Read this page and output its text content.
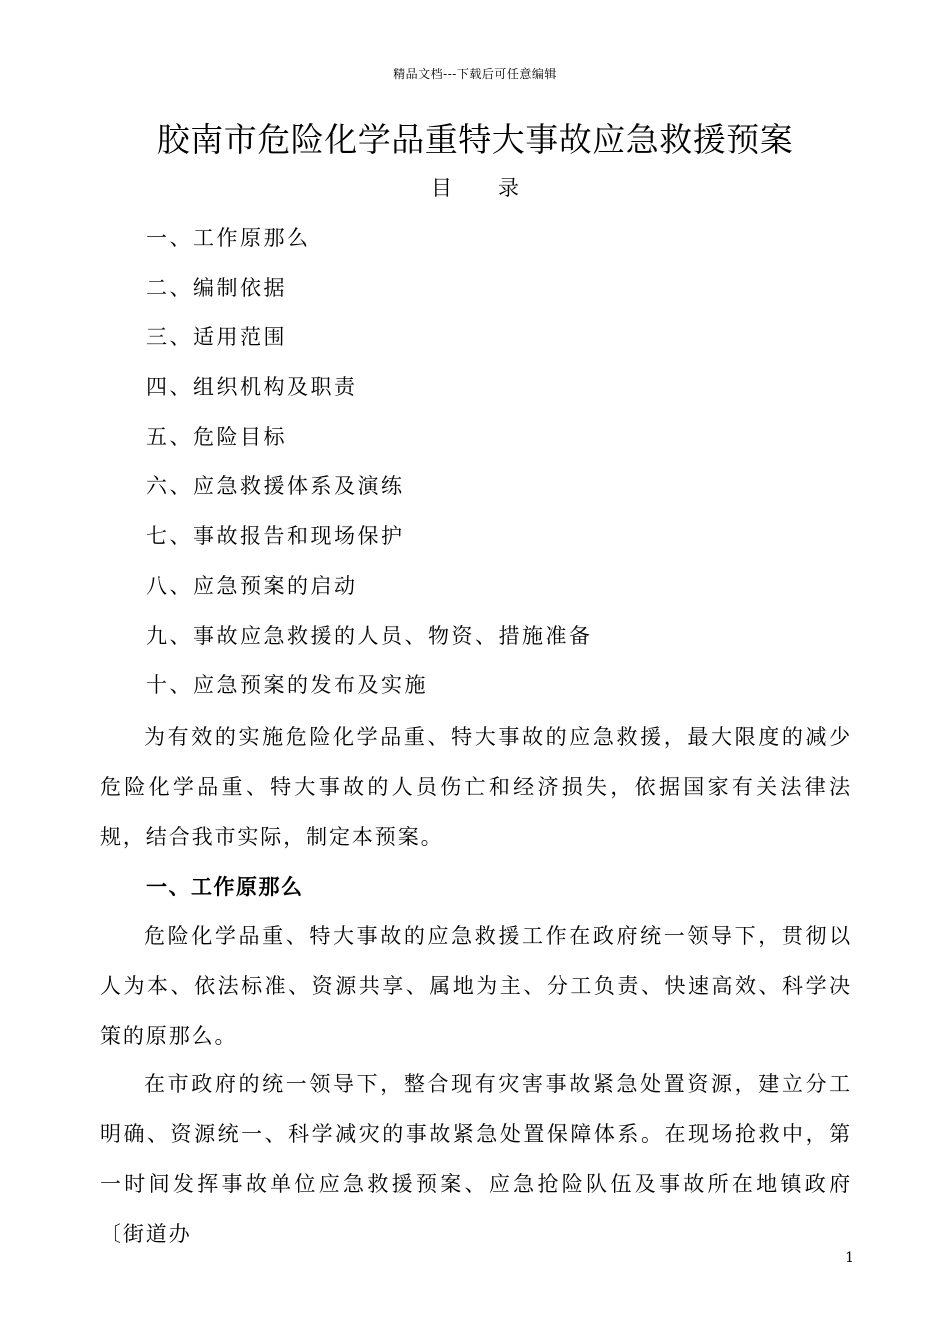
精品文档---下载后可任意编辑
胶南市危险化学品重特大事故应急救援预案
目 录
一、工作原那么
二、编制依据
三、适用范围
四、组织机构及职责
五、危险目标
六、应急救援体系及演练
七、事故报告和现场保护
八、应急预案的启动
九、事故应急救援的人员、物资、措施准备
十、应急预案的发布及实施

为有效的实施危险化学品重、特大事故的应急救援，最大限度的减少危险化学品重、特大事故的人员伤亡和经济损失，依据国家有关法律法规，结合我市实际，制定本预案。

一、工作原那么

危险化学品重、特大事故的应急救援工作在政府统一领导下，贯彻以人为本、依法标准、资源共享、属地为主、分工负责、快速高效、科学决策的原那么。

在市政府的统一领导下，整合现有灾害事故紧急处置资源，建立分工明确、资源统一、科学减灾的事故紧急处置保障体系。在现场抢救中，第一时间发挥事故单位应急救援预案、应急抢险队伍及事故所在地镇政府〔街道办

1
